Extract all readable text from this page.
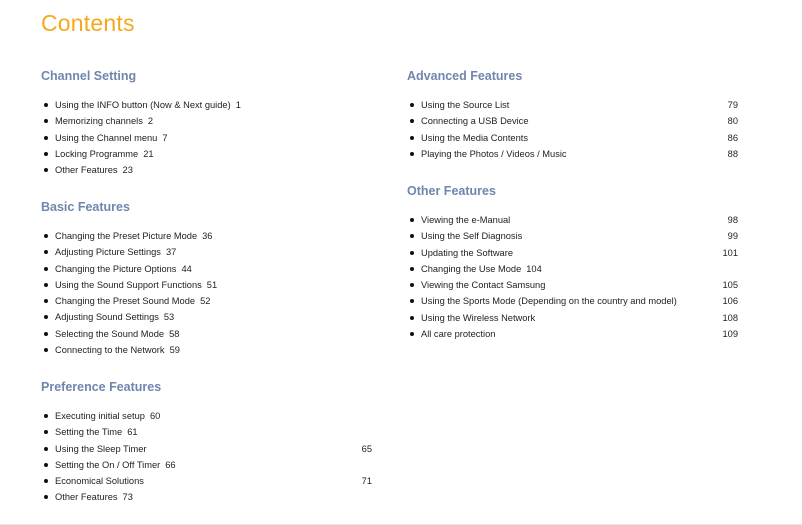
Contents
Channel Setting
Using the INFO button (Now & Next guide) 1
Memorizing channels 2
Using the Channel menu 7
Locking Programme 21
Other Features 23
Basic Features
Changing the Preset Picture Mode 36
Adjusting Picture Settings 37
Changing the Picture Options 44
Using the Sound Support Functions 51
Changing the Preset Sound Mode 52
Adjusting Sound Settings 53
Selecting the Sound Mode 58
Connecting to the Network 59
Preference Features
Executing initial setup 60
Setting the Time 61
Using the Sleep Timer	65
Setting the On / Off Timer 66
Economical Solutions	71
Other Features 73
Advanced Features
Using the Source List	79
Connecting a USB Device	80
Using the Media Contents	86
Playing the Photos / Videos / Music	88
Other Features
Viewing the e-Manual	98
Using the Self Diagnosis	99
Updating the Software	101
Changing the Use Mode 104
Viewing the Contact Samsung	105
Using the Sports Mode (Depending on the country and model)	106
Using the Wireless Network	108
All care protection	109
